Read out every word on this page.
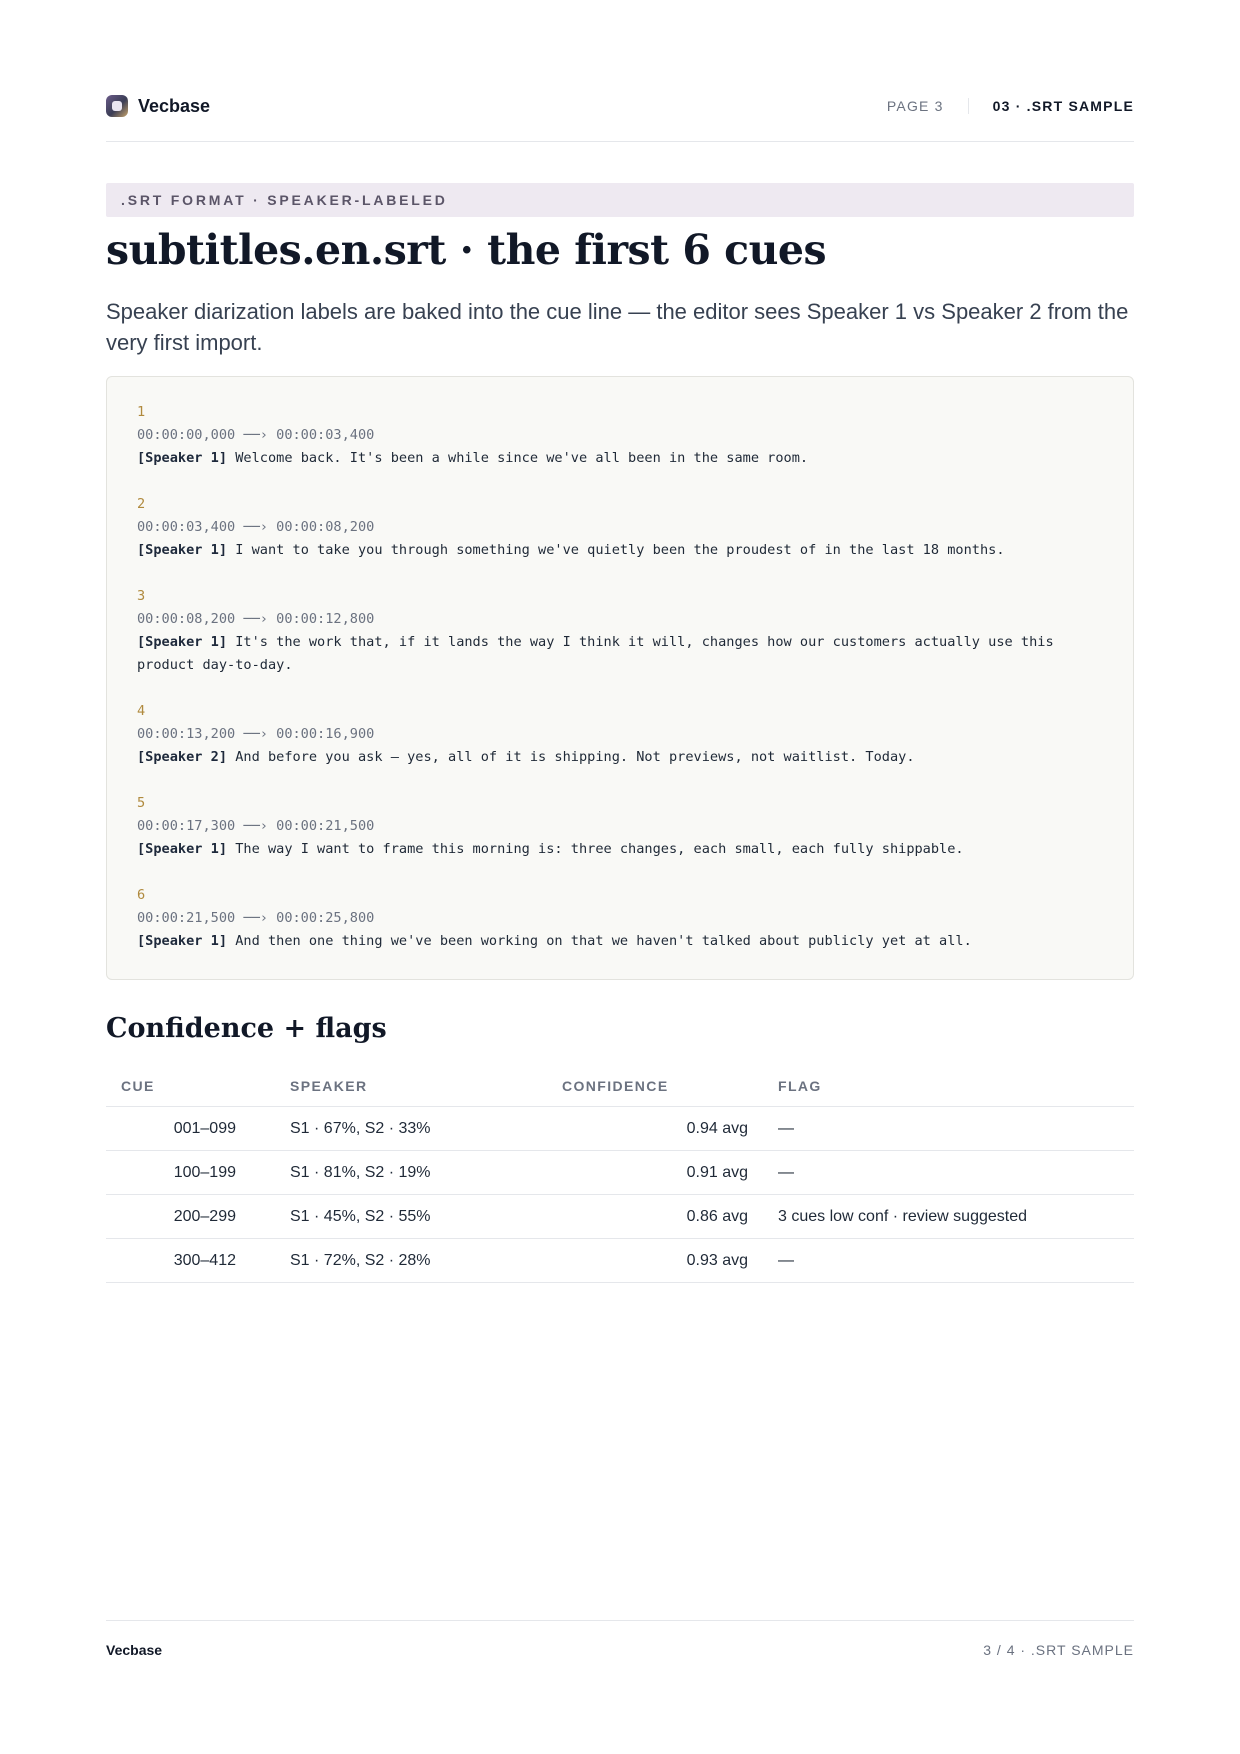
Vecbase	PAGE 3	03 · .SRT SAMPLE
.SRT FORMAT · SPEAKER-LABELED
subtitles.en.srt · the first 6 cues

Speaker diarization labels are baked into the cue line — the editor sees Speaker 1 vs Speaker 2 from the very first import.

1
00:00:00,000 ──› 00:00:03,400
[Speaker 1] Welcome back. It's been a while since we've all been in the same room.
2
00:00:03,400 ──› 00:00:08,200
[Speaker 1] I want to take you through something we've quietly been the proudest of in the last 18 months.
3
00:00:08,200 ──› 00:00:12,800
[Speaker 1] It's the work that, if it lands the way I think it will, changes how our customers actually use this product day-to-day.
4
00:00:13,200 ──› 00:00:16,900
[Speaker 2] And before you ask — yes, all of it is shipping. Not previews, not waitlist. Today.
5
00:00:17,300 ──› 00:00:21,500
[Speaker 1] The way I want to frame this morning is: three changes, each small, each fully shippable.
6
00:00:21,500 ──› 00:00:25,800
[Speaker 1] And then one thing we've been working on that we haven't talked about publicly yet at all.
Confidence + flags
CUE	SPEAKER	CONFIDENCE	FLAG
001–099	S1 · 67%, S2 · 33%	0.94 avg	—
100–199	S1 · 81%, S2 · 19%	0.91 avg	—
200–299	S1 · 45%, S2 · 55%	0.86 avg	3 cues low conf · review suggested
300–412	S1 · 72%, S2 · 28%	0.93 avg	—
Vecbase	3 / 4 · .SRT SAMPLE
